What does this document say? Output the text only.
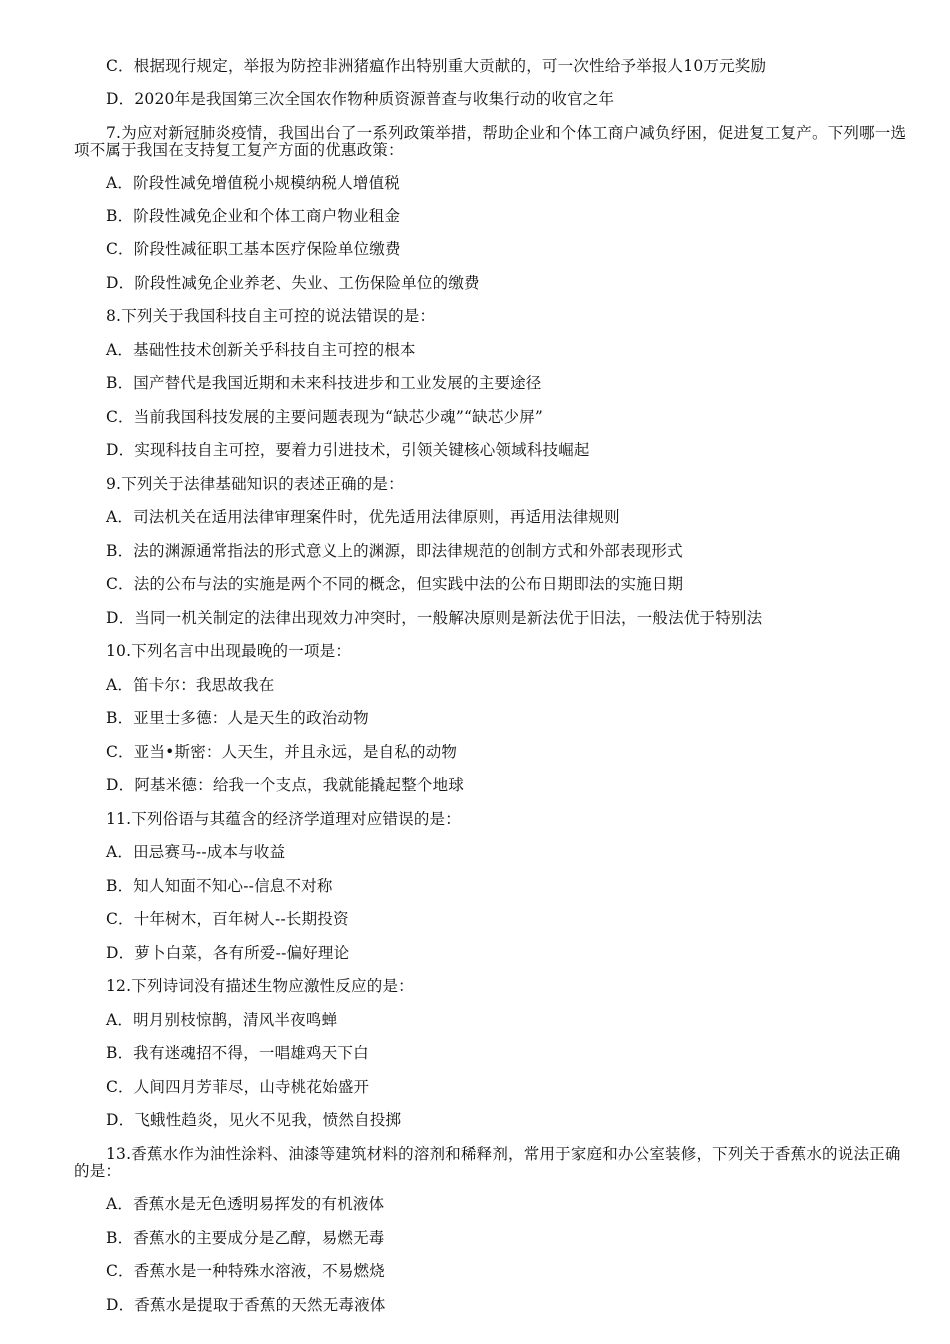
C．根据现行规定，举报为防控非洲猪瘟作出特别重大贡献的，可一次性给予举报人10万元奖励
D．2020年是我国第三次全国农作物种质资源普查与收集行动的收官之年
7.为应对新冠肺炎疫情，我国出台了一系列政策举措，帮助企业和个体工商户减负纾困，促进复工复产。下列哪一选
项不属于我国在支持复工复产方面的优惠政策：
A．阶段性减免增值税小规模纳税人增值税
B．阶段性减免企业和个体工商户物业租金
C．阶段性减征职工基本医疗保险单位缴费
D．阶段性减免企业养老、失业、工伤保险单位的缴费
8.下列关于我国科技自主可控的说法错误的是：
A．基础性技术创新关乎科技自主可控的根本
B．国产替代是我国近期和未来科技进步和工业发展的主要途径
C．当前我国科技发展的主要问题表现为“缺芯少魂”“缺芯少屏”
D．实现科技自主可控，要着力引进技术，引领关键核心领域科技崛起
9.下列关于法律基础知识的表述正确的是：
A．司法机关在适用法律审理案件时，优先适用法律原则，再适用法律规则
B．法的渊源通常指法的形式意义上的渊源，即法律规范的创制方式和外部表现形式
C．法的公布与法的实施是两个不同的概念，但实践中法的公布日期即法的实施日期
D．当同一机关制定的法律出现效力冲突时，一般解决原则是新法优于旧法，一般法优于特别法
10.下列名言中出现最晚的一项是：
A．笛卡尔：我思故我在
B．亚里士多德：人是天生的政治动物
C．亚当•斯密：人天生，并且永远，是自私的动物
D．阿基米德：给我一个支点，我就能撬起整个地球
11.下列俗语与其蕴含的经济学道理对应错误的是：
A．田忌赛马--成本与收益
B．知人知面不知心--信息不对称
C．十年树木，百年树人--长期投资
D．萝卜白菜，各有所爱--偏好理论
12.下列诗词没有描述生物应激性反应的是：
A．明月别枝惊鹊，清风半夜鸣蝉
B．我有迷魂招不得，一唱雄鸡天下白
C．人间四月芳菲尽，山寺桃花始盛开
D．飞蛾性趋炎，见火不见我，愤然自投掷
13.香蕉水作为油性涂料、油漆等建筑材料的溶剂和稀释剂，常用于家庭和办公室装修，下列关于香蕉水的说法正确
的是：
A．香蕉水是无色透明易挥发的有机液体
B．香蕉水的主要成分是乙醇，易燃无毒
C．香蕉水是一种特殊水溶液，不易燃烧
D．香蕉水是提取于香蕉的天然无毒液体
